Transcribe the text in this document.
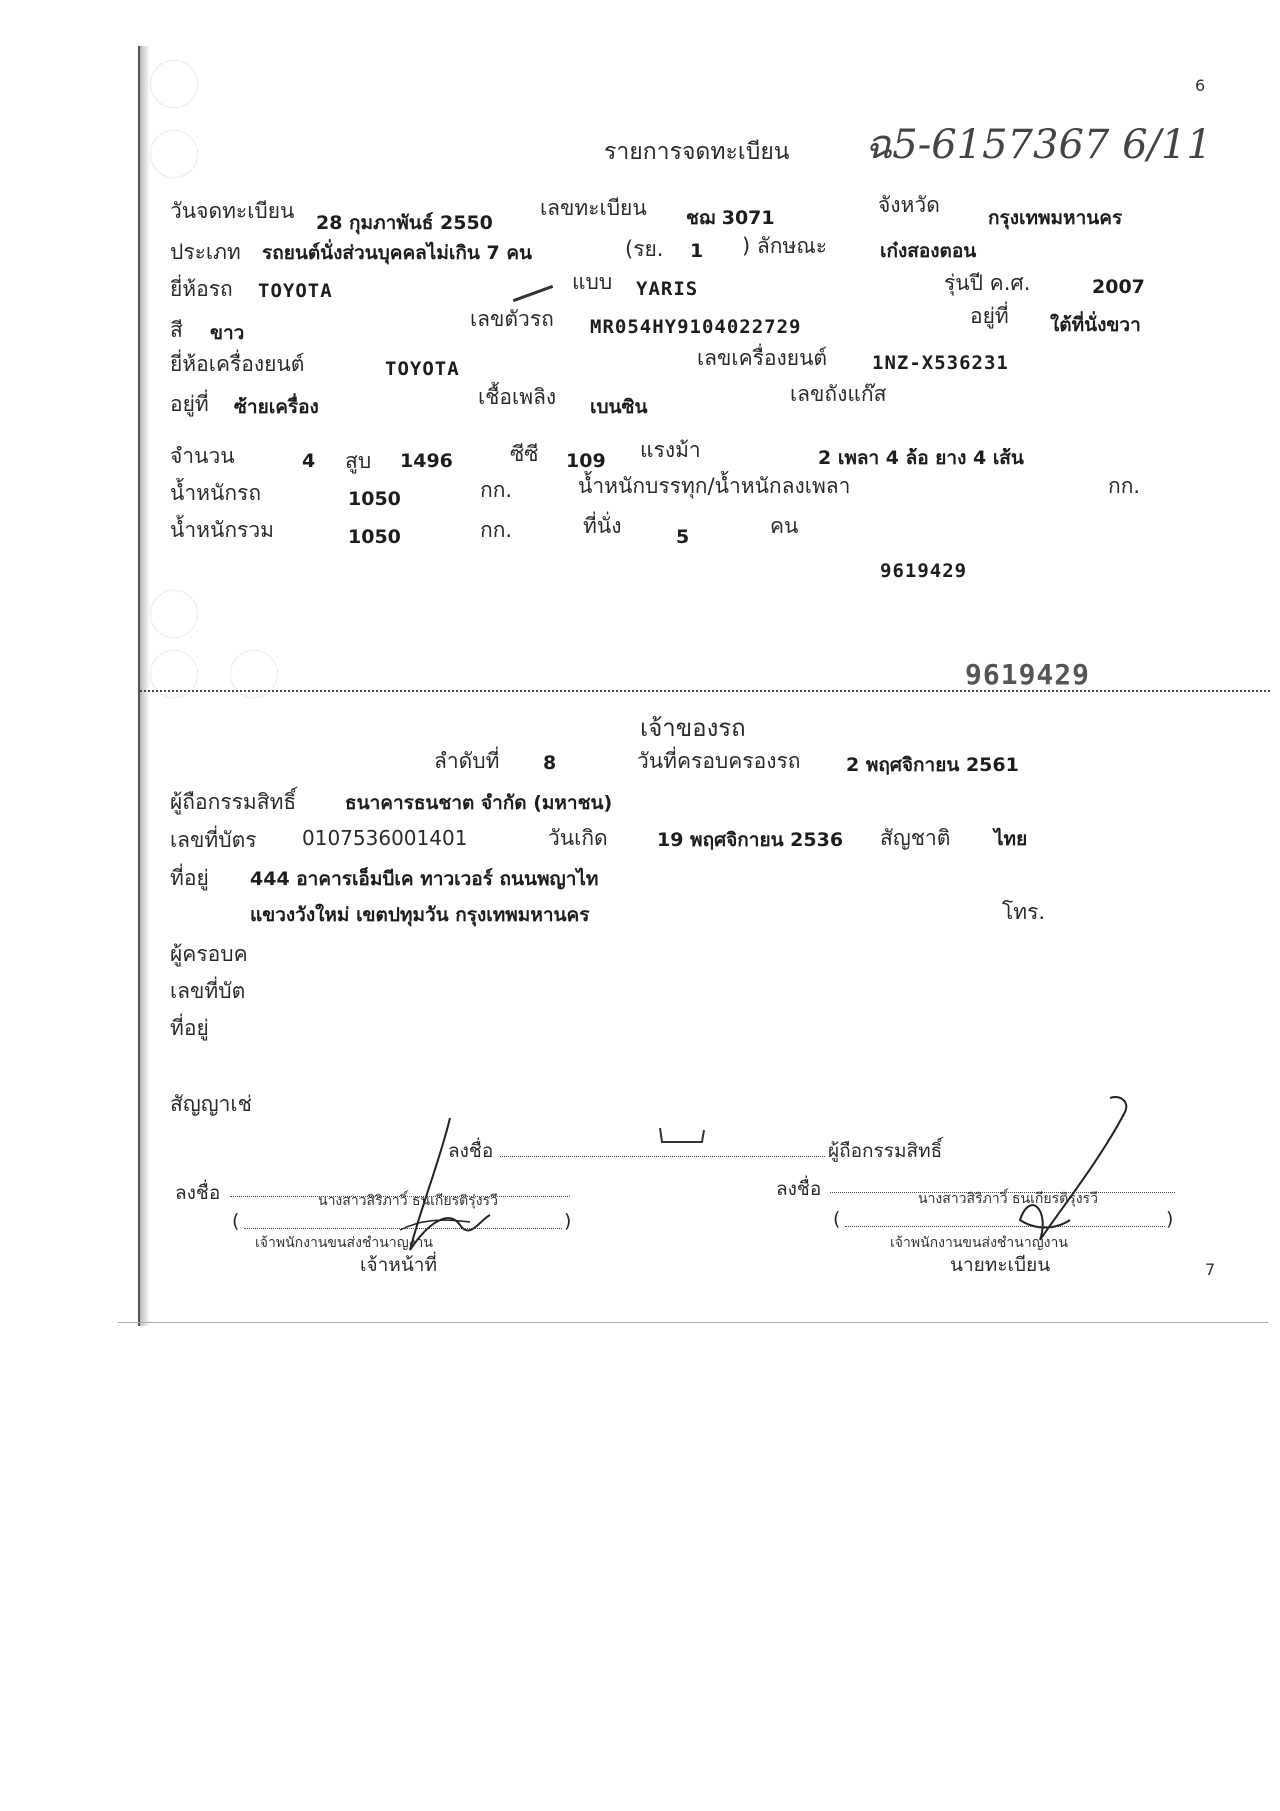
6
ฉ5-6157367 6/11
รายการจดทะเบียน
วันจดทะเบียน 28 กุมภาพันธ์ 2550
เลขทะเบียน ชฌ 3071
จังหวัด
กรุงเทพมหานคร
ประเภท รถยนต์นั่งส่วนบุคคลไม่เกิน 7 คน	(รย. 1 ) ลักษณะ	เก๋งสองตอน
ยี่ห้อรถ TOYOTA	แบบ YARIS	รุ่นปี ค.ศ.	2007
สี ขาว
เลขตัวรถ MR054HY9104022729	อยู่ที่ ใต้ที่นั่งขวา
ยี่ห้อเครื่องยนต์	TOYOTA	เลขเครื่องยนต์ 1NZ-X536231
อยู่ที่ ซ้ายเครื่อง	เชื้อเพลิง เบนซิน
เลขถังแก๊ส
จำนวน	4 สูบ 1496	ซีซี 109 แรงม้า	2 เพลา 4 ล้อ ยาง 4 เส้น
น้ำหนักรถ	1050	กก.	น้ำหนักบรรทุก/น้ำหนักลงเพลา	กก.
น้ำหนักรวม	1050	กก.	ที่นั่ง	5	คน
9619429
9619429
เจ้าของรถ
ลำดับที่ 8	วันที่ครอบครองรถ 2 พฤศจิกายน 2561
ผู้ถือกรรมสิทธิ์	ธนาคารธนชาต จำกัด (มหาชน)
เลขที่บัตร 0107536001401	วันเกิด	19 พฤศจิกายน 2536 สัญชาติ ไทย
ที่อยู่ 444 อาคารเอ็มบีเค ทาวเวอร์ ถนนพญาไท
แขวงวังใหม่ เขตปทุมวัน กรุงเทพมหานคร	โทร.
ผู้ครอบค
เลขที่บัต
ที่อยู่
สัญญาเช่
ลงชื่อ	ผู้ถือกรรมสิทธิ์
ลงชื่อ	นางสาวสิริภาวิ์ ธนเกียรติรุ่งรวี
(	)
เจ้าพนักงานขนส่งชำนาญงาน
เจ้าหน้าที่
ลงชื่อ	นางสาวสิริภาวิ์ ธนเกียรติรุ่งรวี
(	)
เจ้าพนักงานขนส่งชำนาญงาน
นายทะเบียน	7
